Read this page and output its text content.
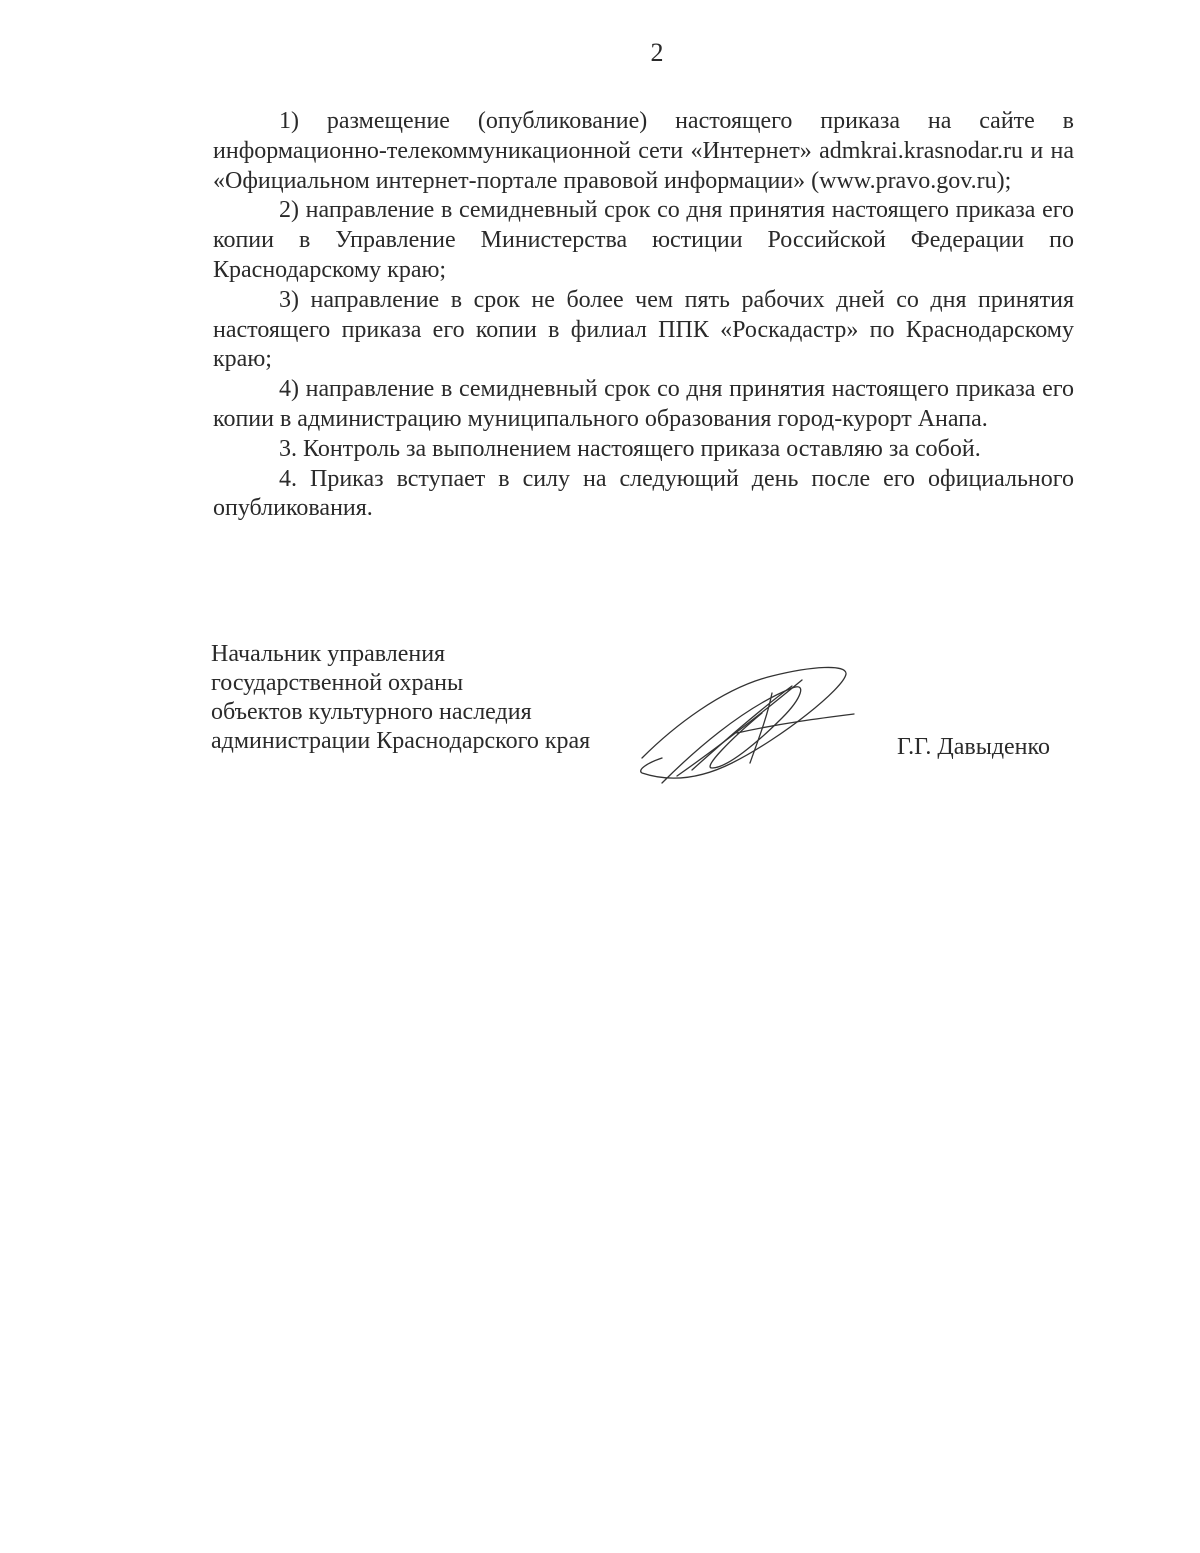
2

1) размещение (опубликование) настоящего приказа на сайте в информационно-телекоммуникационной сети «Интернет» admkrai.krasnodar.ru и на «Официальном интернет-портале правовой информации» (www.pravo.gov.ru);

2) направление в семидневный срок со дня принятия настоящего приказа его копии в Управление Министерства юстиции Российской Федерации по Краснодарскому краю;

3) направление в срок не более чем пять рабочих дней со дня принятия настоящего приказа его копии в филиал ППК «Роскадастр» по Краснодарскому краю;

4) направление в семидневный срок со дня принятия настоящего приказа его копии в администрацию муниципального образования город-курорт Анапа.

3. Контроль за выполнением настоящего приказа оставляю за собой.

4. Приказ вступает в силу на следующий день после его официального опубликования.

Начальник управления
государственной охраны
объектов культурного наследия
администрации Краснодарского края	Г.Г. Давыденко
